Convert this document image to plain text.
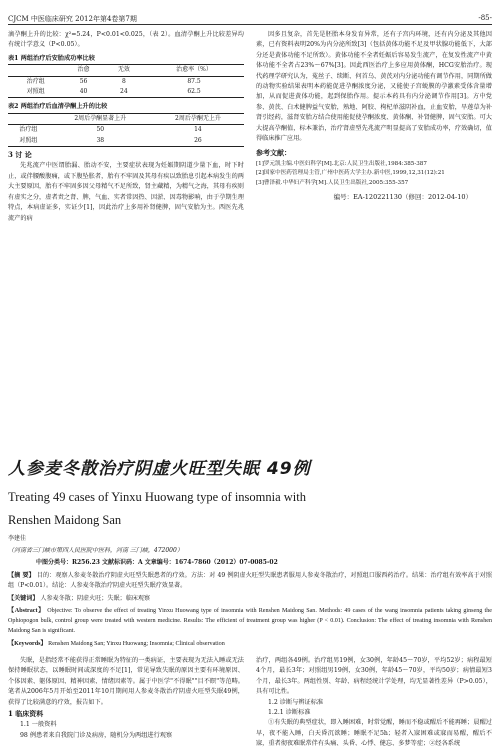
CJCM 中医临床研究 2012年第4卷第7期	-85-

滴孕酮上升的比较：χ²=5.24，P<0.01<0.025，（表 2）。血清孕酮上升比较差异均有统计学意义（P<0.05）。

表1 两组治疗后安胎成功率比较
	治愈	无效	治愈率（%）
治疗组	56	8	87.5
对照组	40	24	62.5
表2 两组治疗后血清孕酮上升的比较
	2周后孕酮显著上升	2周后孕酮无上升
治疗组	50	14
对照组	38	26
3 讨 论

先兆流产中医谓胎漏、胎动不安，主要症状表现为妊娠期阴道少量下血，时下时止，或伴腰酸腹痛，或下腹坠胀者，胎有不牢固及其母有疾以致胎息引起本病发生的两大主要原因，胎有不牢固多因父母精气不足所致，肾主藏精，为精气之海，其母有疾则有虚实之分，虚者责之肾、脾，气血、实者常因热、因淤、因毒物影响，由于孕期生理特点，本病虚证多，实证少[1]，因此治疗上多用补肾健脾，固气安胎为主。西医先兆流产的病

因多且复杂，首先是胚胎本身发育异常，还有子宫内环境，还有内分泌及其他因素，已有资料表明20%为内分泌所致[3]（包括黄体功能不足及甲状腺功能低下，大部分还是黄体功能不足所致）。黄体功能不全者妊娠后容易发生流产，在复发性流产中黄体功能不全者占23%～67%[3]。因此西医治疗上多应用黄体酮，HCG安胎治疗。现代药理学研究认为，菟丝子、续断、何首乌、黄芪对内分泌功能有调节作用，同期所做的动物实验结果表明本药能促进孕酮浓度分泌，又能使子宫蜕膜的孕激素受体含量增加，从而促进黄体功能，起到保胎作用。提示本药具有内分泌调节作用[3]。方中党参、黄芪、白术健脾益气安胎，熟地、阿胶、枸杞单滋阴补血，止血安胎，旱莲草为补肾引经药，滋肾安胎方结合使用能促使孕酮浓度、黄体酮、补肾健脾，固气安胎。可大大提高孕酮值，标本兼治，治疗肾虚型先兆流产明显提高了安胎成功率，疗效确切，值得临床推广应用。

参考文献：
[1]罗元凯主编.中医妇科学[M].北京:人民卫生出版社,1984:385-387
[2]国家中医药管理局主管,广州中医药大学主办.新中医,1999,12,31(12):21
[3]曹泽毅.中华妇产科学[M].人民卫生出版社,2005:355-357
编号：EA-120221130（修回：2012-04-10）
人参麦冬散治疗阴虚火旺型失眠 49例
Treating 49 cases of Yinxu Huowang type of insomnia with
Renshen Maidong San
李建佳
（河南省三门峡市第四人民医院中医科，河南 三门峡，472000）
中图分类号：R256.23 文献标识码：A 文章编号：1674-7860（2012）07-0085-02
【摘 要】 目的：观察人参麦冬散治疗阴虚火旺型失眠患者的疗效。方法：对 49 例阴虚火旺型失眠患者服用人参麦冬散治疗，对照组口服西药治疗。结果：治疗组有效率高于对照组（P<0.01）。结论：人参麦冬散治疗阴虚火旺型失眠疗效显著。
【关键词】 人参麦冬散；阴虚火旺；失眠；临床观察
【Abstract】 Objective: To observe the effect of treating Yinxu Huowang type of insomnia with Renshen Maidong San. Methods: 49 cases of the wang insomnia patients taking ginseng the Ophiopogon bulk, control group were treated with western medicine. Results: The efficient of treatment group was higher (P < 0.01). Conclusion: The effect of treating insomnia with Renshen Maidong San is significant.
【Keywords】 Renshen Maidong San; Yinxu Huowang; Insomnia; Clinical observation

失眠，是指经常不能获得正常睡眠为特征的一类病证，主要表现为无法入睡或无法保持睡眠状态，以睡眠时间或深度的不足[1]，常见导致失眠的原因主要有环境原因、个体因素、躯体原因、精神因素、情绪因素等。属于中医学"不得眠""目不瞑"等范畴。笔者从2006年5月开始至2011年10月期间用人参麦冬散治疗阴虚火旺型失眠49例，获得了比较满意的疗效，报告如下。

1 临床资料
1.1 一般资料

98 例患者来自我院门诊及病房，随机分为两组进行观察

治疗，两组各49例。治疗组男19例，女30例，年龄45～70岁，平均52岁；病程最短4个月，最长3年；对照组男19例，女30例，年龄45～70岁，平均50岁；病情最短3个月，最长3年。两组性别、年龄、病程经统计学处理，均无显著性差异（P>0.05），具有可比性。

1.2 诊断与辨证标准
1.2.1 诊断标准

①有失眠的典型症状，即入睡困难，时常觉醒，睡而不稳或醒后不能再睡；晨醒过早，夜不能入睡，白天昏沉欲睡；睡眠不足5h；轻者入寐困难或寐而易醒，醒后不寐，重者彻夜难眠常伴有头痛、头昏、心悸、健忘、多梦等症；②经各系统
